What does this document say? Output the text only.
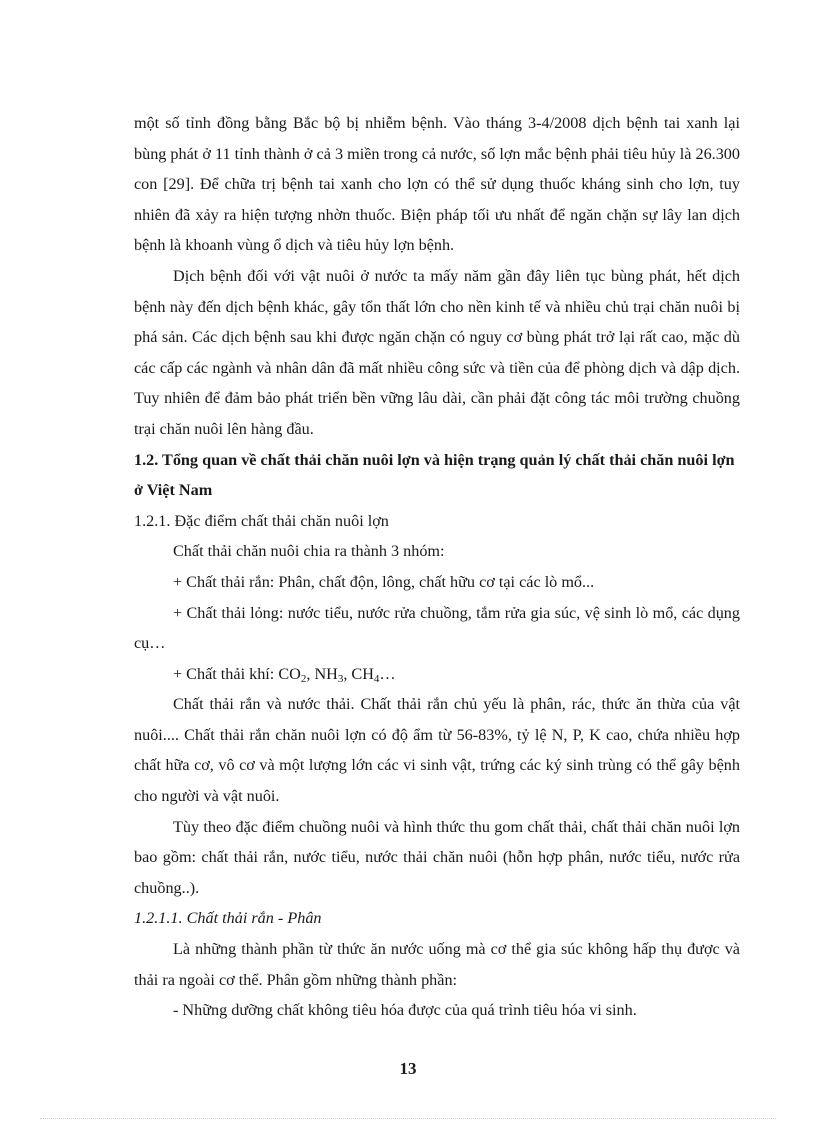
một số tỉnh đồng bằng Bắc bộ bị nhiễm bệnh. Vào tháng 3-4/2008 dịch bệnh tai xanh lại bùng phát ở 11 tỉnh thành ở cả 3 miền trong cả nước, số lợn mắc bệnh phải tiêu hủy là 26.300 con [29]. Để chữa trị bệnh tai xanh cho lợn có thể sử dụng thuốc kháng sinh cho lợn, tuy nhiên đã xảy ra hiện tượng nhờn thuốc. Biện pháp tối ưu nhất để ngăn chặn sự lây lan dịch bệnh là khoanh vùng ổ dịch và tiêu hủy lợn bệnh.

Dịch bệnh đối với vật nuôi ở nước ta mấy năm gần đây liên tục bùng phát, hết dịch bệnh này đến dịch bệnh khác, gây tổn thất lớn cho nền kinh tế và nhiều chủ trại chăn nuôi bị phá sản. Các dịch bệnh sau khi được ngăn chặn có nguy cơ bùng phát trở lại rất cao, mặc dù các cấp các ngành và nhân dân đã mất nhiều công sức và tiền của để phòng dịch và dập dịch. Tuy nhiên để đảm bảo phát triển bền vững lâu dài, cần phải đặt công tác môi trường chuồng trại chăn nuôi lên hàng đầu.

1.2. Tổng quan về chất thải chăn nuôi lợn và hiện trạng quản lý chất thải chăn nuôi lợn ở Việt Nam

1.2.1. Đặc điểm chất thải chăn nuôi lợn

Chất thải chăn nuôi chia ra thành 3 nhóm:

+ Chất thải rắn: Phân, chất độn, lông, chất hữu cơ tại các lò mổ...

+ Chất thải lỏng: nước tiểu, nước rửa chuồng, tắm rửa gia súc, vệ sinh lò mổ, các dụng cụ…

+ Chất thải khí: $CO_2$, $NH_3$, $CH_4\dots$

Chất thải rắn và nước thải. Chất thải rắn chủ yếu là phân, rác, thức ăn thừa của vật nuôi.... Chất thải rắn chăn nuôi lợn có độ ẩm từ 56-83%, tỷ lệ N, P, K cao, chứa nhiều hợp chất hữa cơ, vô cơ và một lượng lớn các vi sinh vật, trứng các ký sinh trùng có thể gây bệnh cho người và vật nuôi.

Tùy theo đặc điểm chuồng nuôi và hình thức thu gom chất thải, chất thải chăn nuôi lợn bao gồm: chất thải rắn, nước tiểu, nước thải chăn nuôi (hỗn hợp phân, nước tiểu, nước rửa chuồng..).

1.2.1.1. Chất thải rắn - Phân

Là những thành phần từ thức ăn nước uống mà cơ thể gia súc không hấp thụ được và thải ra ngoài cơ thể. Phân gồm những thành phần:

- Những dưỡng chất không tiêu hóa được của quá trình tiêu hóa vi sinh.

13
